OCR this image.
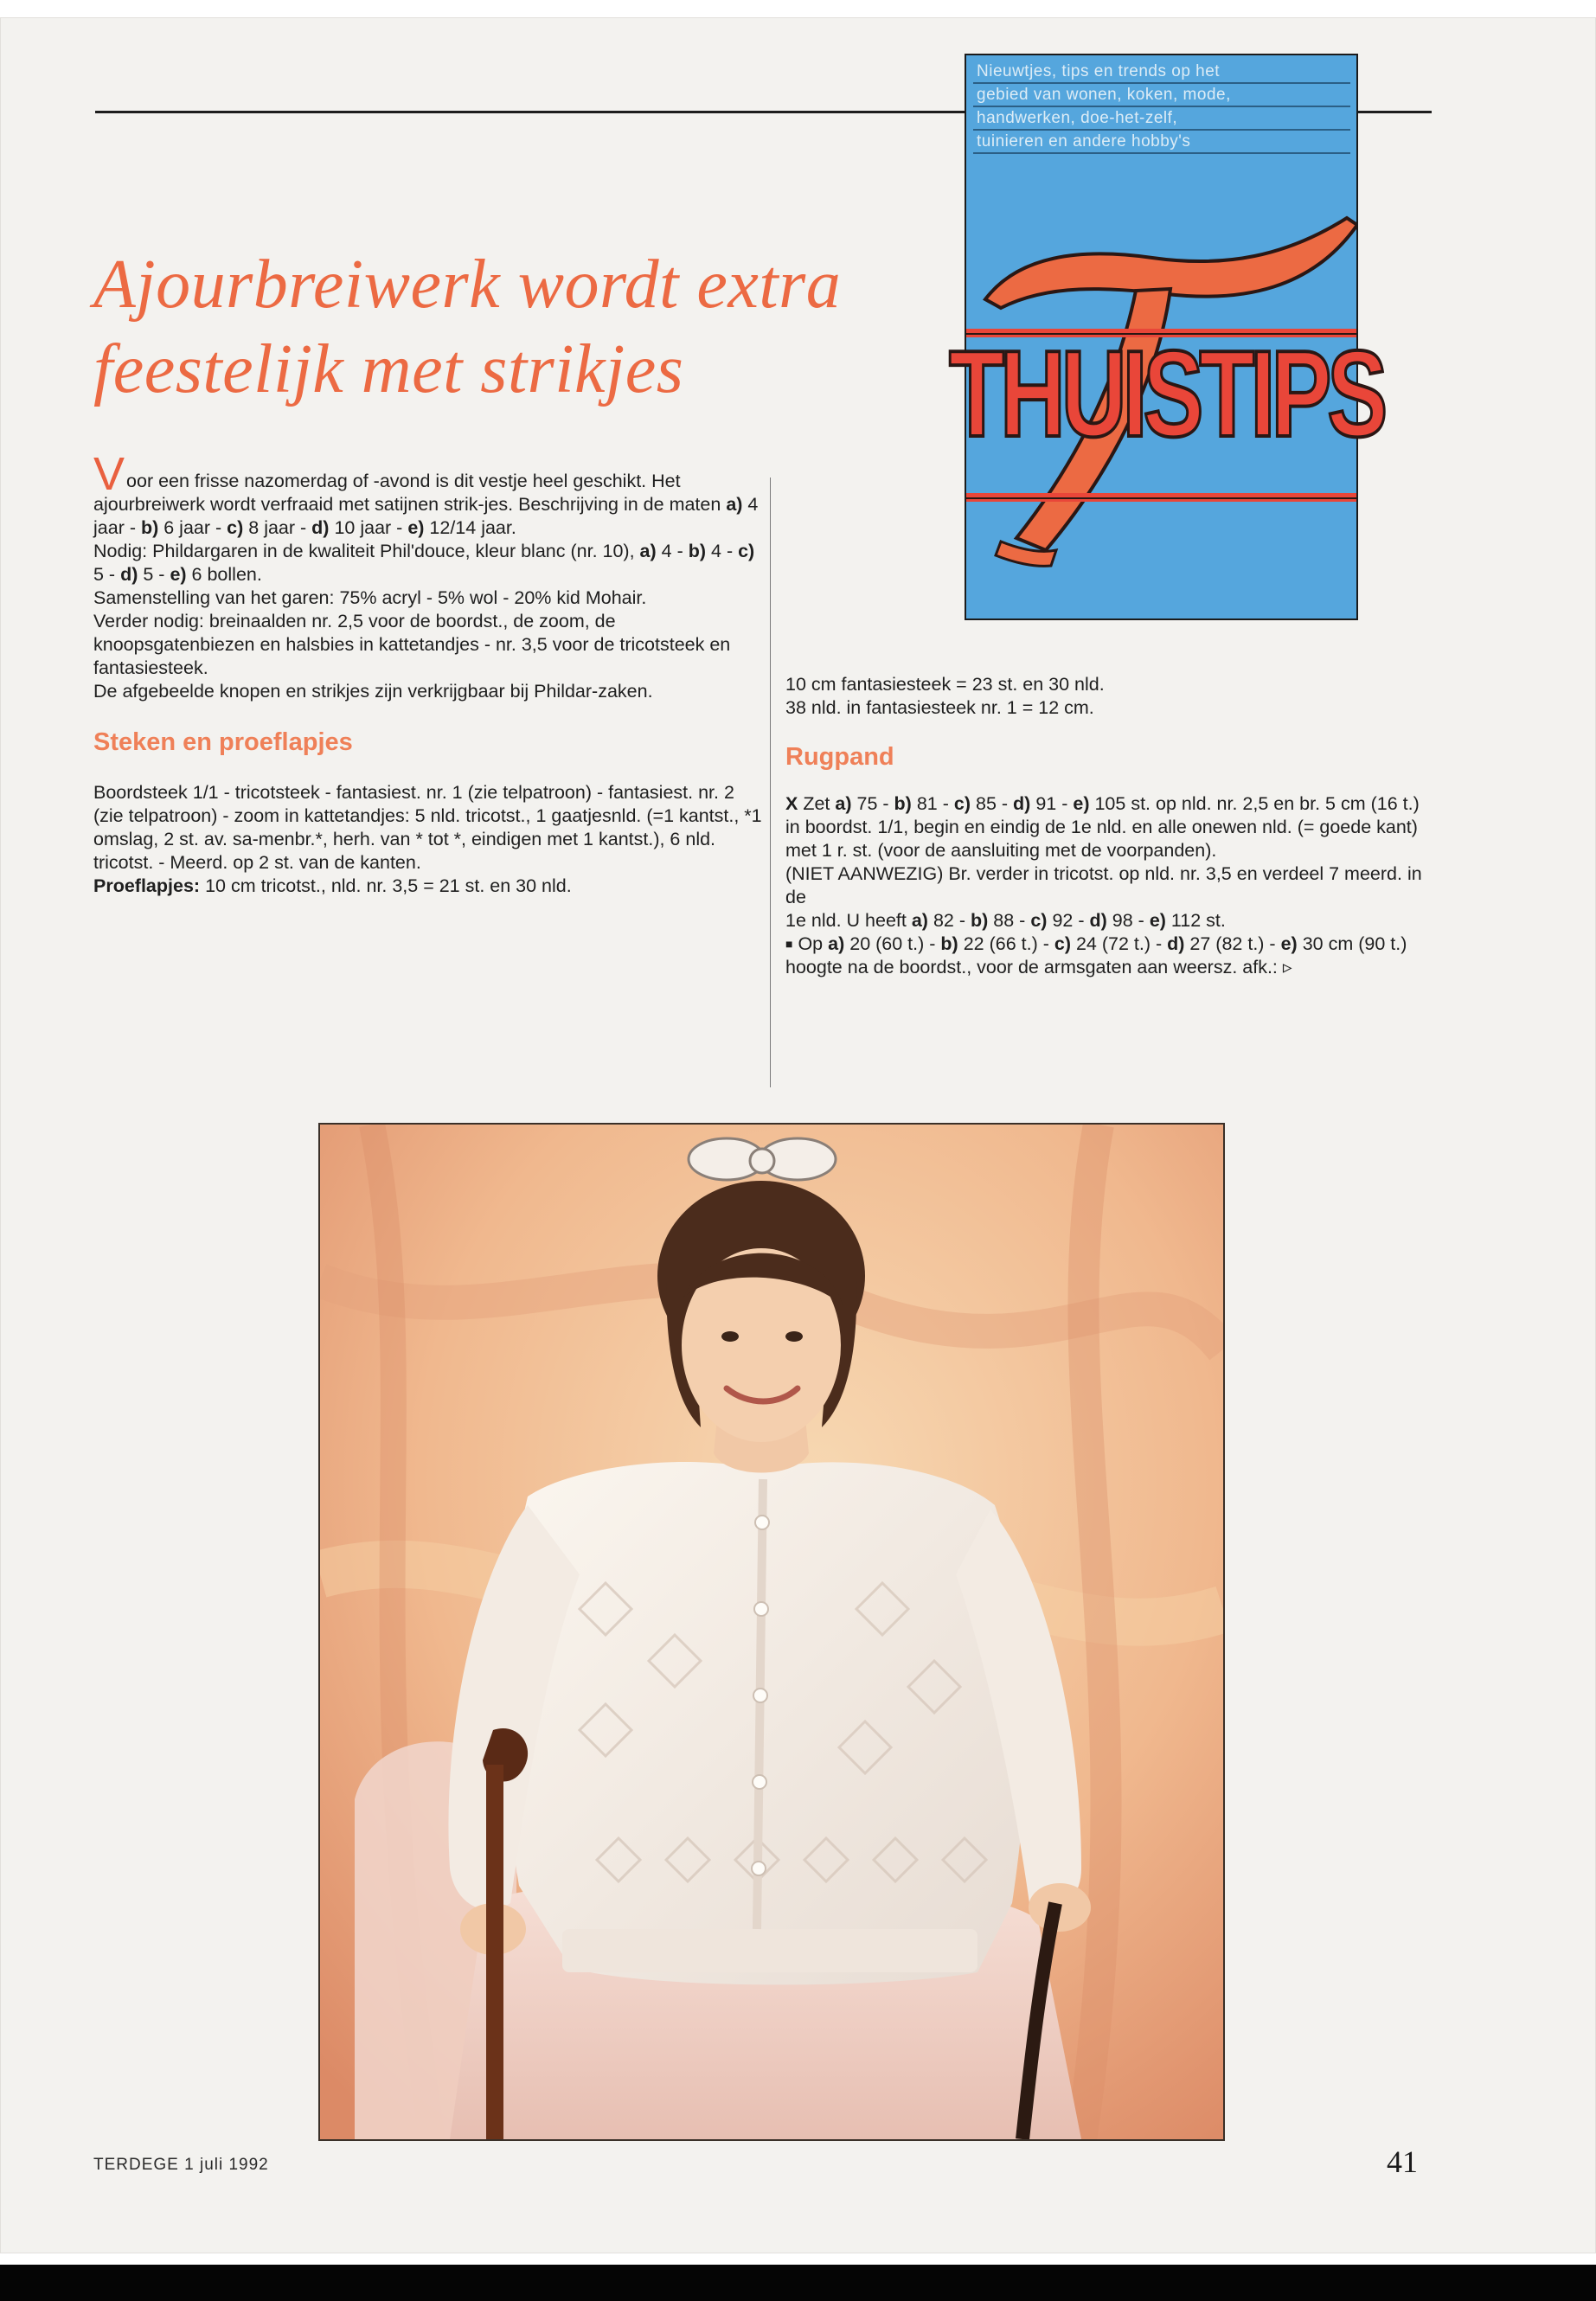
Nieuwtjes, tips en trends op het
gebied van wonen, koken, mode,
handwerken, doe-het-zelf,
tuinieren en andere hobby's
THUISTIPS
Ajourbreiwerk wordt extra
feestelijk met strikjes

Voor een frisse nazomerdag of -avond is dit vestje heel geschikt. Het ajourbreiwerk wordt verfraaid met satijnen strik-jes. Beschrijving in de maten a) 4 jaar - b) 6 jaar - c) 8 jaar - d) 10 jaar - e) 12/14 jaar.

Nodig: Phildargaren in de kwaliteit Phil'douce, kleur blanc (nr. 10), a) 4 - b) 4 - c) 5 - d) 5 - e) 6 bollen.

Samenstelling van het garen: 75% acryl - 5% wol - 20% kid Mohair.

Verder nodig: breinaalden nr. 2,5 voor de boordst., de zoom, de knoopsgatenbiezen en halsbies in kattetandjes - nr. 3,5 voor de tricotsteek en fantasiesteek.

De afgebeelde knopen en strikjes zijn verkrijgbaar bij Phildar-zaken.

Steken en proeflapjes

Boordsteek 1/1 - tricotsteek - fantasiest. nr. 1 (zie telpatroon) - fantasiest. nr. 2 (zie telpatroon) - zoom in kattetandjes: 5 nld. tricotst., 1 gaatjesnld. (=1 kantst., *1 omslag, 2 st. av. sa-menbr.*, herh. van * tot *, eindigen met 1 kantst.), 6 nld. tricotst. - Meerd. op 2 st. van de kanten.

Proeflapjes: 10 cm tricotst., nld. nr. 3,5 = 21 st. en 30 nld.

10 cm fantasiesteek = 23 st. en 30 nld.

38 nld. in fantasiesteek nr. 1 = 12 cm.

Rugpand

X Zet a) 75 - b) 81 - c) 85 - d) 91 - e) 105 st. op nld. nr. 2,5 en br. 5 cm (16 t.) in boordst. 1/1, begin en eindig de 1e nld. en alle onewen nld. (= goede kant) met 1 r. st. (voor de aansluiting met de voorpanden).

(NIET AANWEZIG) Br. verder in tricotst. op nld. nr. 3,5 en verdeel 7 meerd. in de

1e nld. U heeft a) 82 - b) 88 - c) 92 - d) 98 - e) 112 st.

■ Op a) 20 (60 t.) - b) 22 (66 t.) - c) 24 (72 t.) - d) 27 (82 t.) - e) 30 cm (90 t.) hoogte na de boordst., voor de armsgaten aan weersz. afk.: ▹

TERDEGE 1 juli 1992	41
